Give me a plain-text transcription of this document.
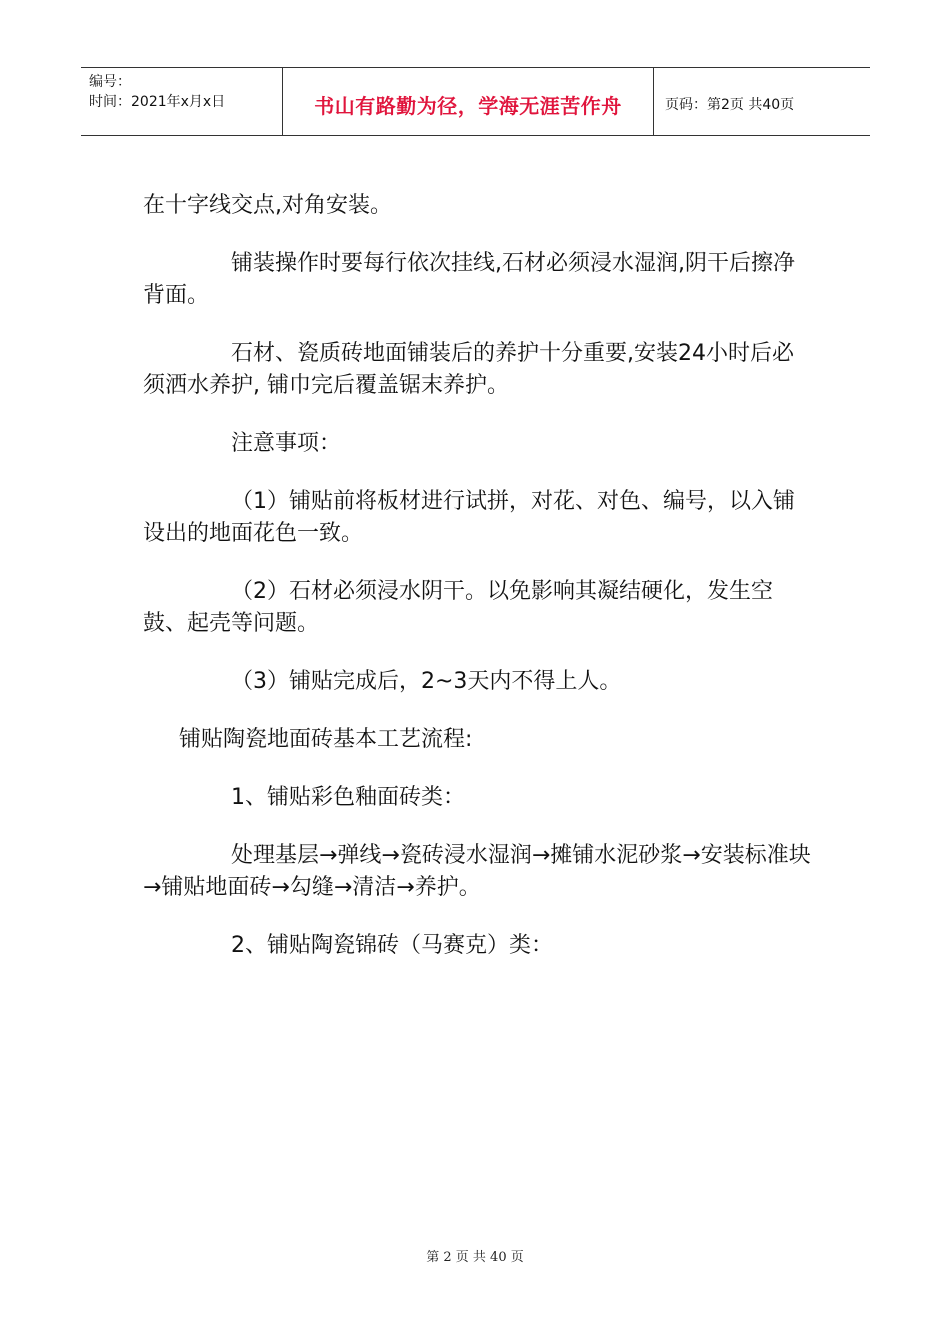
编号：
时间：2021年x月x日	书山有路勤为径，学海无涯苦作舟	页码：第2页 共40页

在十字线交点,对角安装。

铺装操作时要每行依次挂线,石材必须浸水湿润,阴干后擦净背面。

石材、瓷质砖地面铺装后的养护十分重要,安装24小时后必须洒水养护, 铺巾完后覆盖锯末养护。

注意事项：

（1）铺贴前将板材进行试拼，对花、对色、编号，以入铺设出的地面花色一致。

（2）石材必须浸水阴干。以免影响其凝结硬化，发生空鼓、起壳等问题。

（3）铺贴完成后，2~3天内不得上人。

铺贴陶瓷地面砖基本工艺流程:

1、铺贴彩色釉面砖类：

处理基层→弹线→瓷砖浸水湿润→摊铺水泥砂浆→安装标准块→铺贴地面砖→勾缝→清洁→养护。

2、铺贴陶瓷锦砖（马赛克）类：

第 2 页 共 40 页
